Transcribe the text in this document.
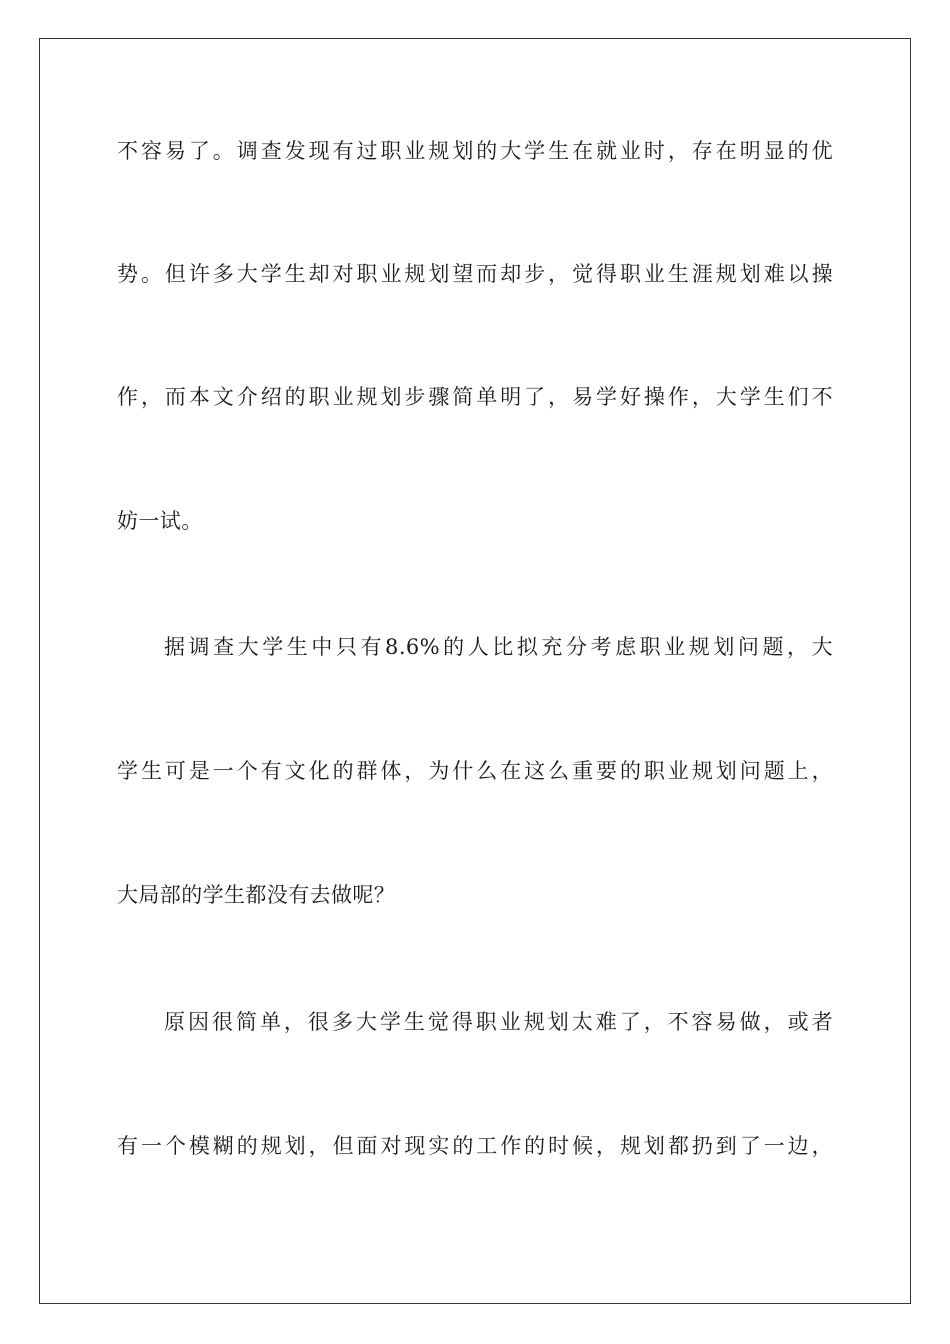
不容易了。调查发现有过职业规划的大学生在就业时，存在明显的优
势。但许多大学生却对职业规划望而却步，觉得职业生涯规划难以操
作，而本文介绍的职业规划步骤简单明了，易学好操作，大学生们不
妨一试。
据调查大学生中只有8.6%的人比拟充分考虑职业规划问题，大
学生可是一个有文化的群体，为什么在这么重要的职业规划问题上，
大局部的学生都没有去做呢？
原因很简单，很多大学生觉得职业规划太难了，不容易做，或者
有一个模糊的规划，但面对现实的工作的时候，规划都扔到了一边，
